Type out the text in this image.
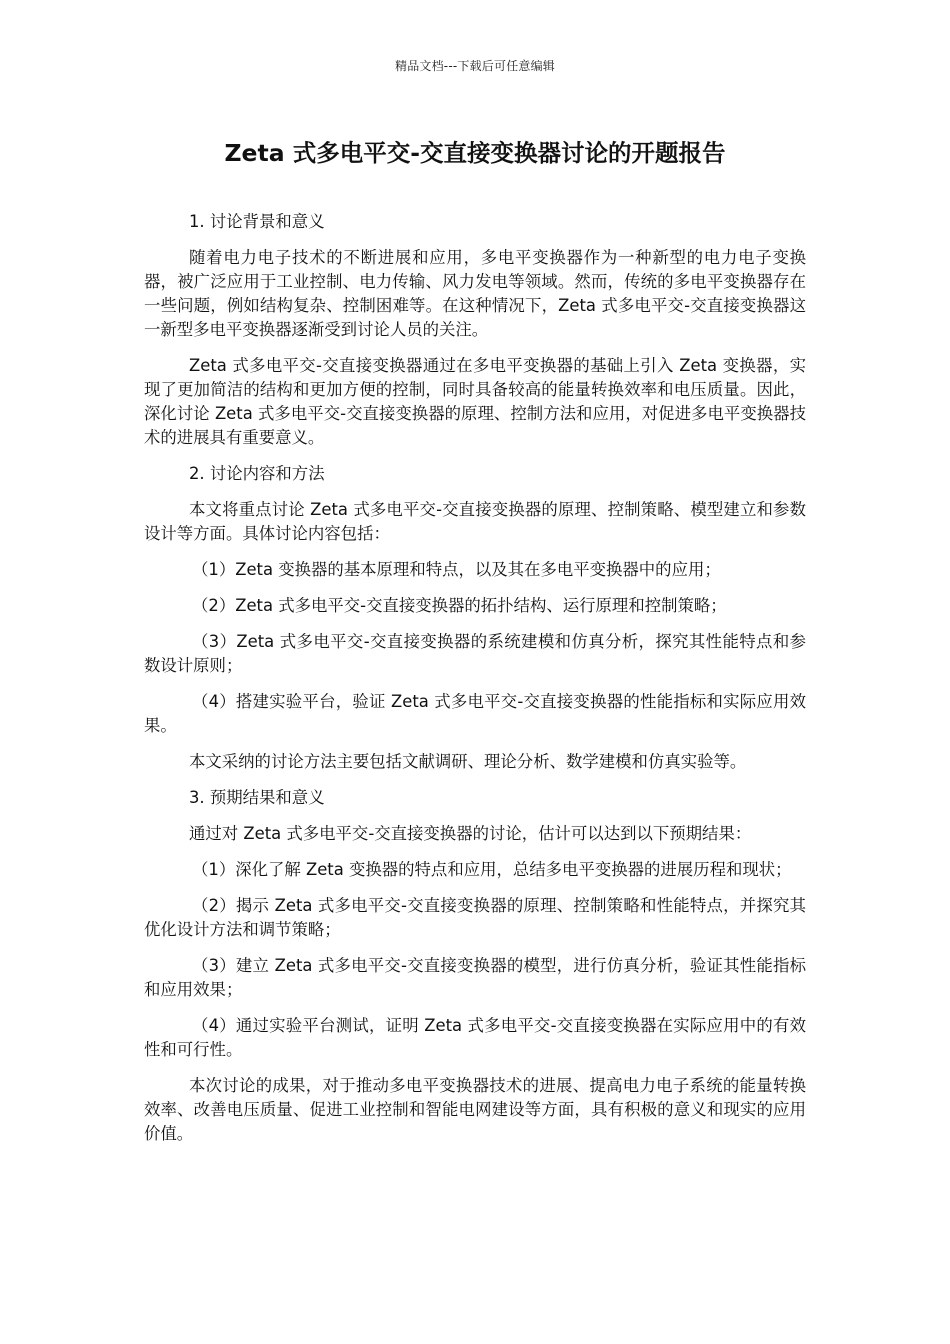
精品文档---下载后可任意编辑
Zeta 式多电平交-交直接变换器讨论的开题报告

1. 讨论背景和意义

随着电力电子技术的不断进展和应用，多电平变换器作为一种新型的电力电子变换器，被广泛应用于工业控制、电力传输、风力发电等领域。然而，传统的多电平变换器存在一些问题，例如结构复杂、控制困难等。在这种情况下，Zeta 式多电平交-交直接变换器这一新型多电平变换器逐渐受到讨论人员的关注。

Zeta 式多电平交-交直接变换器通过在多电平变换器的基础上引入 Zeta 变换器，实现了更加简洁的结构和更加方便的控制，同时具备较高的能量转换效率和电压质量。因此，深化讨论 Zeta 式多电平交-交直接变换器的原理、控制方法和应用，对促进多电平变换器技术的进展具有重要意义。

2. 讨论内容和方法

本文将重点讨论 Zeta 式多电平交-交直接变换器的原理、控制策略、模型建立和参数设计等方面。具体讨论内容包括：

（1）Zeta 变换器的基本原理和特点，以及其在多电平变换器中的应用；

（2）Zeta 式多电平交-交直接变换器的拓扑结构、运行原理和控制策略；

（3）Zeta 式多电平交-交直接变换器的系统建模和仿真分析，探究其性能特点和参数设计原则；

（4）搭建实验平台，验证 Zeta 式多电平交-交直接变换器的性能指标和实际应用效果。

本文采纳的讨论方法主要包括文献调研、理论分析、数学建模和仿真实验等。

3. 预期结果和意义

通过对 Zeta 式多电平交-交直接变换器的讨论，估计可以达到以下预期结果：

（1）深化了解 Zeta 变换器的特点和应用，总结多电平变换器的进展历程和现状；

（2）揭示 Zeta 式多电平交-交直接变换器的原理、控制策略和性能特点，并探究其优化设计方法和调节策略；

（3）建立 Zeta 式多电平交-交直接变换器的模型，进行仿真分析，验证其性能指标和应用效果；

（4）通过实验平台测试，证明 Zeta 式多电平交-交直接变换器在实际应用中的有效性和可行性。

本次讨论的成果，对于推动多电平变换器技术的进展、提高电力电子系统的能量转换效率、改善电压质量、促进工业控制和智能电网建设等方面，具有积极的意义和现实的应用价值。
